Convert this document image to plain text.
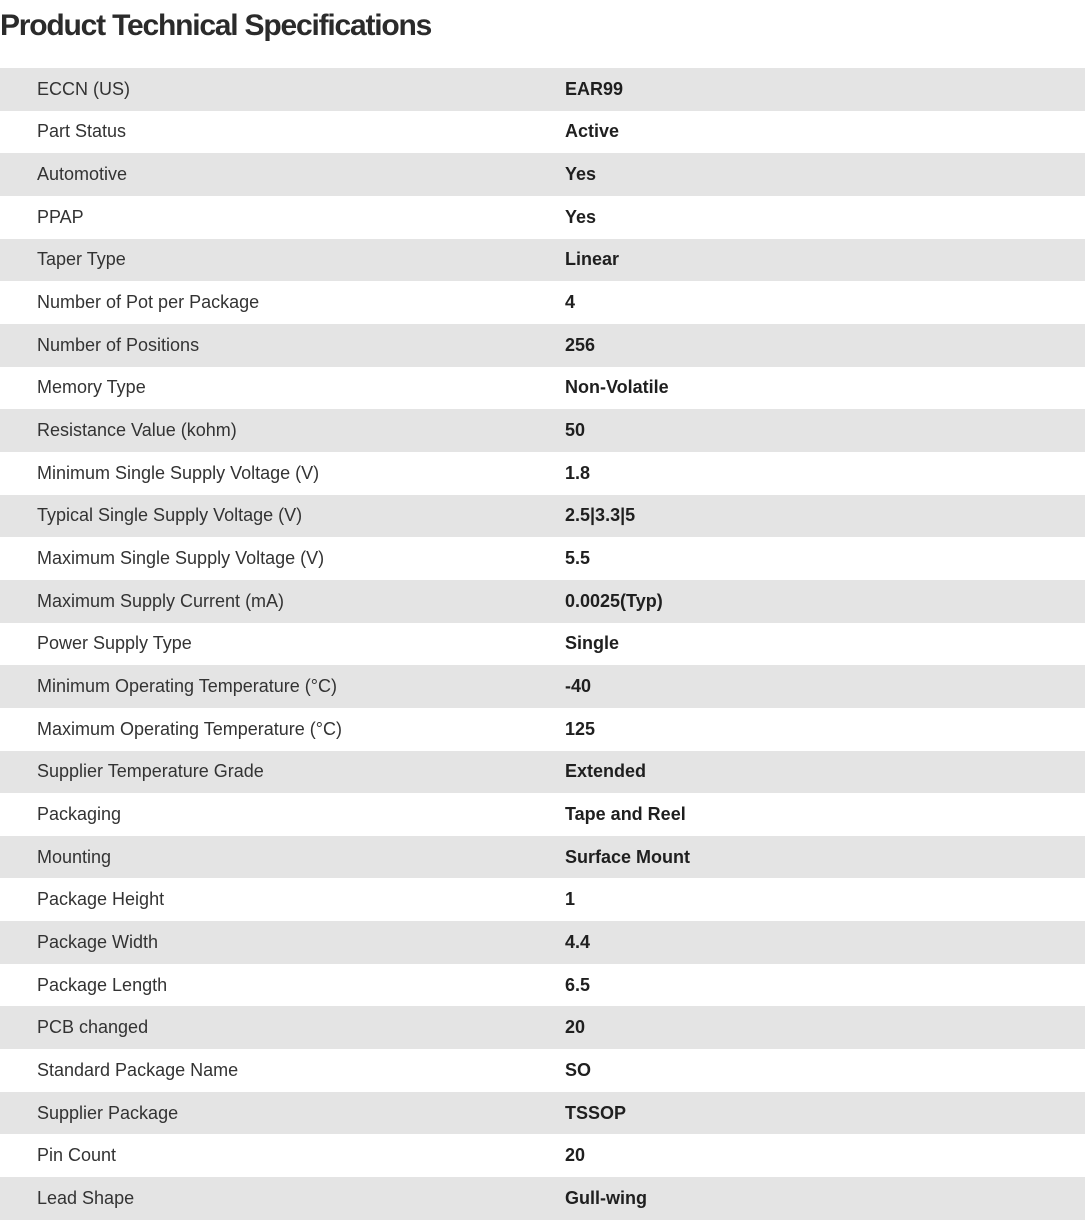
Product Technical Specifications
ECCN (US)	EAR99
Part Status	Active
Automotive	Yes
PPAP	Yes
Taper Type	Linear
Number of Pot per Package	4
Number of Positions	256
Memory Type	Non-Volatile
Resistance Value (kohm)	50
Minimum Single Supply Voltage (V)	1.8
Typical Single Supply Voltage (V)	2.5|3.3|5
Maximum Single Supply Voltage (V)	5.5
Maximum Supply Current (mA)	0.0025(Typ)
Power Supply Type	Single
Minimum Operating Temperature (°C)	-40
Maximum Operating Temperature (°C)	125
Supplier Temperature Grade	Extended
Packaging	Tape and Reel
Mounting	Surface Mount
Package Height	1
Package Width	4.4
Package Length	6.5
PCB changed	20
Standard Package Name	SO
Supplier Package	TSSOP
Pin Count	20
Lead Shape	Gull-wing
